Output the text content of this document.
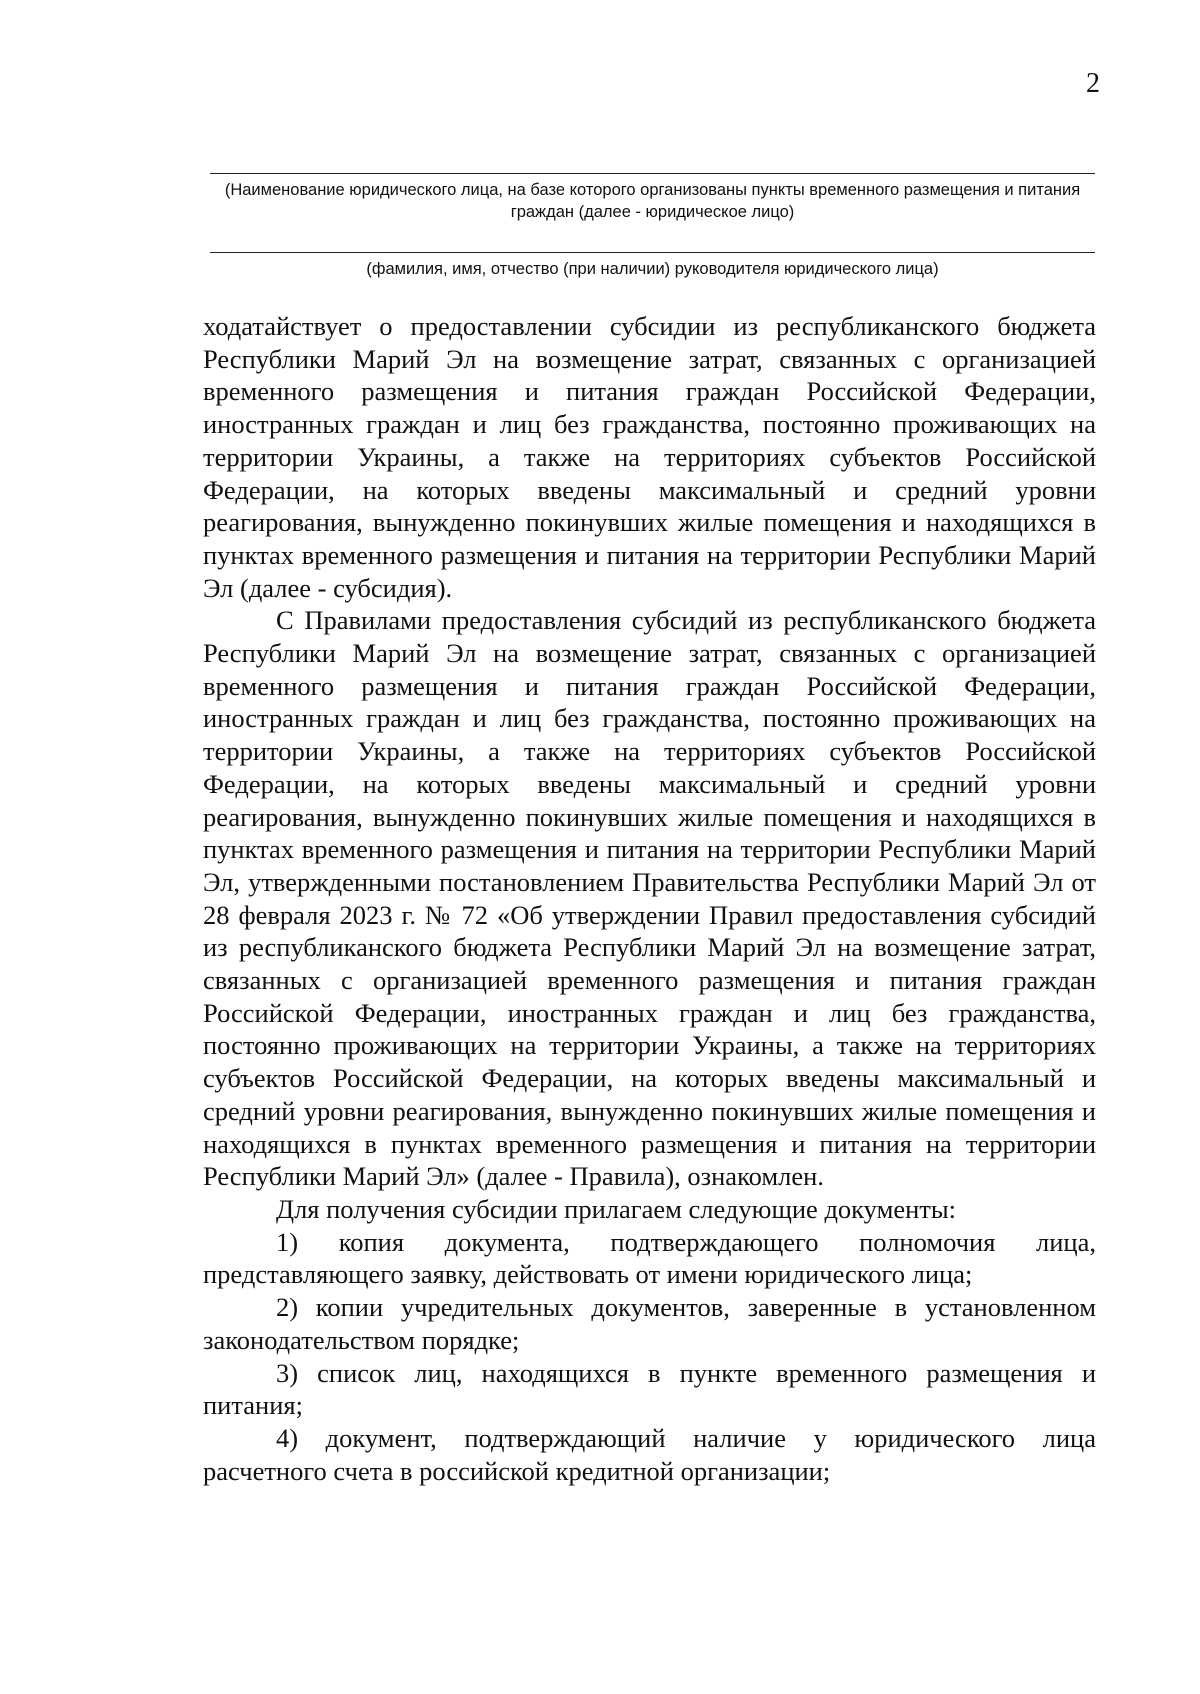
2
(Наименование юридического лица, на базе которого организованы пункты временного размещения и питания граждан (далее - юридическое лицо)
(фамилия, имя, отчество (при наличии) руководителя юридического лица)

ходатайствует о предоставлении субсидии из республиканского бюджета Республики Марий Эл на возмещение затрат, связанных с организацией временного размещения и питания граждан Российской Федерации, иностранных граждан и лиц без гражданства, постоянно проживающих на территории Украины, а также на территориях субъектов Российской Федерации, на которых введены максимальный и средний уровни реагирования, вынужденно покинувших жилые помещения и находящихся в пунктах временного размещения и питания на территории Республики Марий Эл (далее - субсидия).

С Правилами предоставления субсидий из республиканского бюджета Республики Марий Эл на возмещение затрат, связанных с организацией временного размещения и питания граждан Российской Федерации, иностранных граждан и лиц без гражданства, постоянно проживающих на территории Украины, а также на территориях субъектов Российской Федерации, на которых введены максимальный и средний уровни реагирования, вынужденно покинувших жилые помещения и находящихся в пунктах временного размещения и питания на территории Республики Марий Эл, утвержденными постановлением Правительства Республики Марий Эл от 28 февраля 2023 г. № 72 «Об утверждении Правил предоставления субсидий из республиканского бюджета Республики Марий Эл на возмещение затрат, связанных с организацией временного размещения и питания граждан Российской Федерации, иностранных граждан и лиц без гражданства, постоянно проживающих на территории Украины, а также на территориях субъектов Российской Федерации, на которых введены максимальный и средний уровни реагирования, вынужденно покинувших жилые помещения и находящихся в пунктах временного размещения и питания на территории Республики Марий Эл» (далее - Правила), ознакомлен.

Для получения субсидии прилагаем следующие документы:

1) копия документа, подтверждающего полномочия лица, представляющего заявку, действовать от имени юридического лица;

2) копии учредительных документов, заверенные в установленном законодательством порядке;

3) список лиц, находящихся в пункте временного размещения и питания;

4) документ, подтверждающий наличие у юридического лица расчетного счета в российской кредитной организации;
